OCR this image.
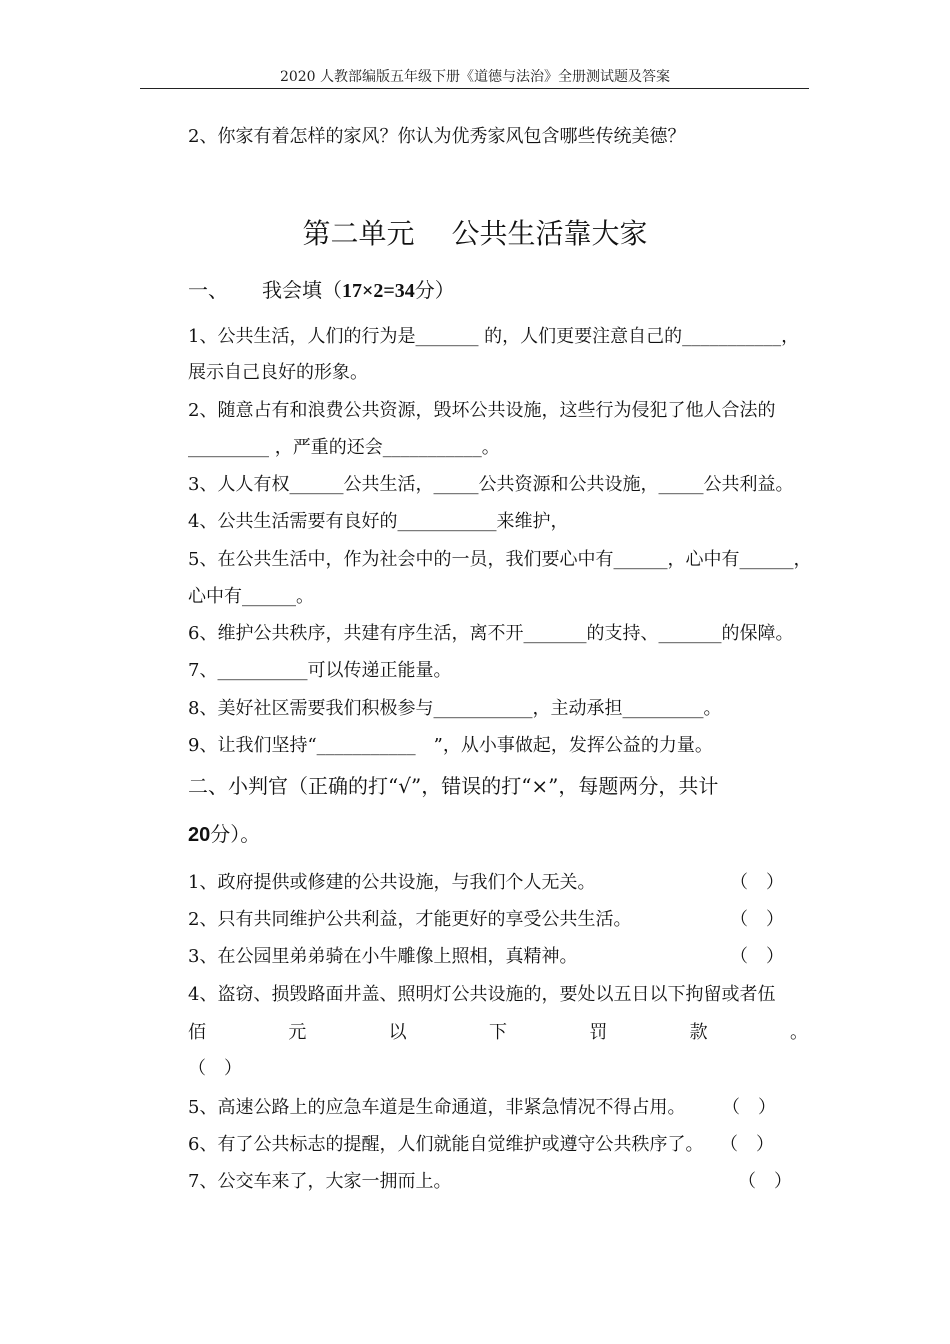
2020 人教部编版五年级下册《道德与法治》全册测试题及答案
2、你家有着怎样的家风？你认为优秀家风包含哪些传统美德？
第二单元　 公共生活靠大家
一、 我会填（17×2=34分）
1、公共生活，人们的行为是_______ 的，人们更要注意自己的___________，
展示自己良好的形象。
2、随意占有和浪费公共资源，毁坏公共设施，这些行为侵犯了他人合法的
_________ ，严重的还会___________。
3、人人有权______公共生活，_____公共资源和公共设施，_____公共利益。
4、公共生活需要有良好的___________来维护，
5、在公共生活中，作为社会中的一员，我们要心中有______，心中有______，
心中有______。
6、维护公共秩序，共建有序生活，离不开_______的支持、_______的保障。
7、__________可以传递正能量。
8、美好社区需要我们积极参与___________，主动承担_________。
9、让我们坚持“___________　”，从小事做起，发挥公益的力量。
二、小判官（正确的打“√”，错误的打“×”，每题两分，共计
20分）。
1、政府提供或修建的公共设施，与我们个人无关。	（　）
2、只有共同维护公共利益，才能更好的享受公共生活。	（　）
3、在公园里弟弟骑在小牛雕像上照相，真精神。	（　）
4、盗窃、损毁路面井盖、照明灯公共设施的，要处以五日以下拘留或者伍
佰	元	以	下	罚	款	。
（　）
5、高速公路上的应急车道是生命通道，非紧急情况不得占用。 （　）
6、有了公共标志的提醒，人们就能自觉维护或遵守公共秩序了。 （　）
7、公交车来了，大家一拥而上。	（　）
